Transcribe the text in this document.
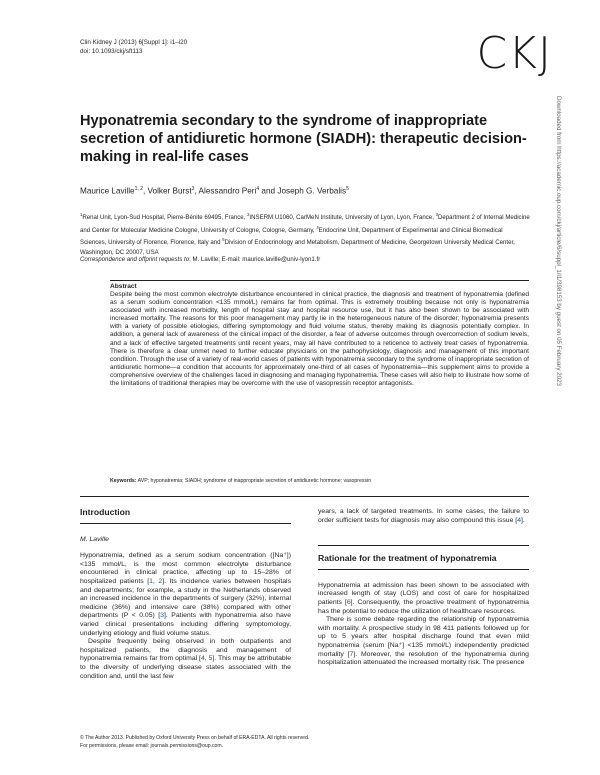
Clin Kidney J (2013) 6[Suppl 1]: i1–i20
doi: 10.1093/ckj/sft113	CKJ
Hyponatremia secondary to the syndrome of inappropriate secretion of antidiuretic hormone (SIADH): therapeutic decision-making in real-life cases
Maurice Laville$^{1, 2}$, Volker Burst$^3$, Alessandro Peri$^4$ and Joseph G. Verbalis$^5$
$^1$Renal Unit, Lyon-Sud Hospital, Pierre-Bénite 69495, France, $^2$INSERM U1060, CarMeN Institute, University of Lyon, Lyon, France, $^3$Department 2 of Internal Medicine and Center for Molecular Medicine Cologne, University of Cologne, Cologne, Germany, $^4$Endocrine Unit, Department of Experimental and Clinical Biomedical Sciences, University of Florence, Florence, Italy and $^5$Division of Endocrinology and Metabolism, Department of Medicine, Georgetown University Medical Center, Washington, DC 20007, USA
Correspondence and offprint requests to: M. Laville; E-mail: maurice.laville@univ-lyon1.fr

Abstract

Despite being the most common electrolyte disturbance encountered in clinical practice, the diagnosis and treatment of hyponatremia (defined as a serum sodium concentration <135 mmol/L) remains far from optimal. This is extremely troubling because not only is hyponatremia associated with increased morbidity, length of hospital stay and hospital resource use, but it has also been shown to be associated with increased mortality. The reasons for this poor management may partly lie in the heterogeneous nature of the disorder; hyponatremia presents with a variety of possible etiologies, differing symptomology and fluid volume status, thereby making its diagnosis potentially complex. In addition, a general lack of awareness of the clinical impact of the disorder, a fear of adverse outcomes through overcorrection of sodium levels, and a lack of effective targeted treatments until recent years, may all have contributed to a reticence to actively treat cases of hyponatremia. There is therefore a clear unmet need to further educate physicians on the pathophysiology, diagnosis and management of this important condition. Through the use of a variety of real-world cases of patients with hyponatremia secondary to the syndrome of inappropriate secretion of antidiuretic hormone—a condition that accounts for approximately one-third of all cases of hyponatremia—this supplement aims to provide a comprehensive overview of the challenges faced in diagnosing and managing hyponatremia. These cases will also help to illustrate how some of the limitations of traditional therapies may be overcome with the use of vasopressin receptor antagonists.

Keywords: AVP; hyponatremia; SIADH; syndrome of inappropriate secretion of antidiuretic hormone; vasopressin
Introduction

M. Laville

Hyponatremia, defined as a serum sodium concentration ([Na⁺]) <135 mmol/L, is the most common electrolyte disturbance encountered in clinical practice, affecting up to 15–28% of hospitalized patients [1, 2]. Its incidence varies between hospitals and departments; for example, a study in the Netherlands observed an increased incidence in the departments of surgery (32%), internal medicine (36%) and intensive care (38%) compared with other departments (P < 0.05) [3]. Patients with hyponatremia also have varied clinical presentations including differing symptomology, underlying etiology and fluid volume status.

Despite frequently being observed in both outpatients and hospitalized patients, the diagnosis and management of hyponatremia remains far from optimal [4, 5]. This may be attributable to the diversity of underlying disease states associated with the condition and, until the last few

years, a lack of targeted treatments. In some cases, the failure to order sufficient tests for diagnosis may also compound this issue [4].

Rationale for the treatment of hyponatremia

Hyponatremia at admission has been shown to be associated with increased length of stay (LOS) and cost of care for hospitalized patients [6]. Consequently, the proactive treatment of hyponatremia has the potential to reduce the utilization of healthcare resources.

There is some debate regarding the relationship of hyponatremia with mortality. A prospective study in 98 411 patients followed up for up to 5 years after hospital discharge found that even mild hyponatremia (serum [Na⁺] <135 mmol/L) independently predicted mortality [7]. Moreover, the resolution of the hyponatremia during hospitalization attenuated the increased mortality risk. The presence

© The Author 2013. Published by Oxford University Press on behalf of ERA-EDTA. All rights reserved.
For permissions, please email: journals.permissions@oup.com.
Downloaded from https://academic.oup.com/ckj/article/6/suppl_1/i1/398153 by guest on 05 February 2023
